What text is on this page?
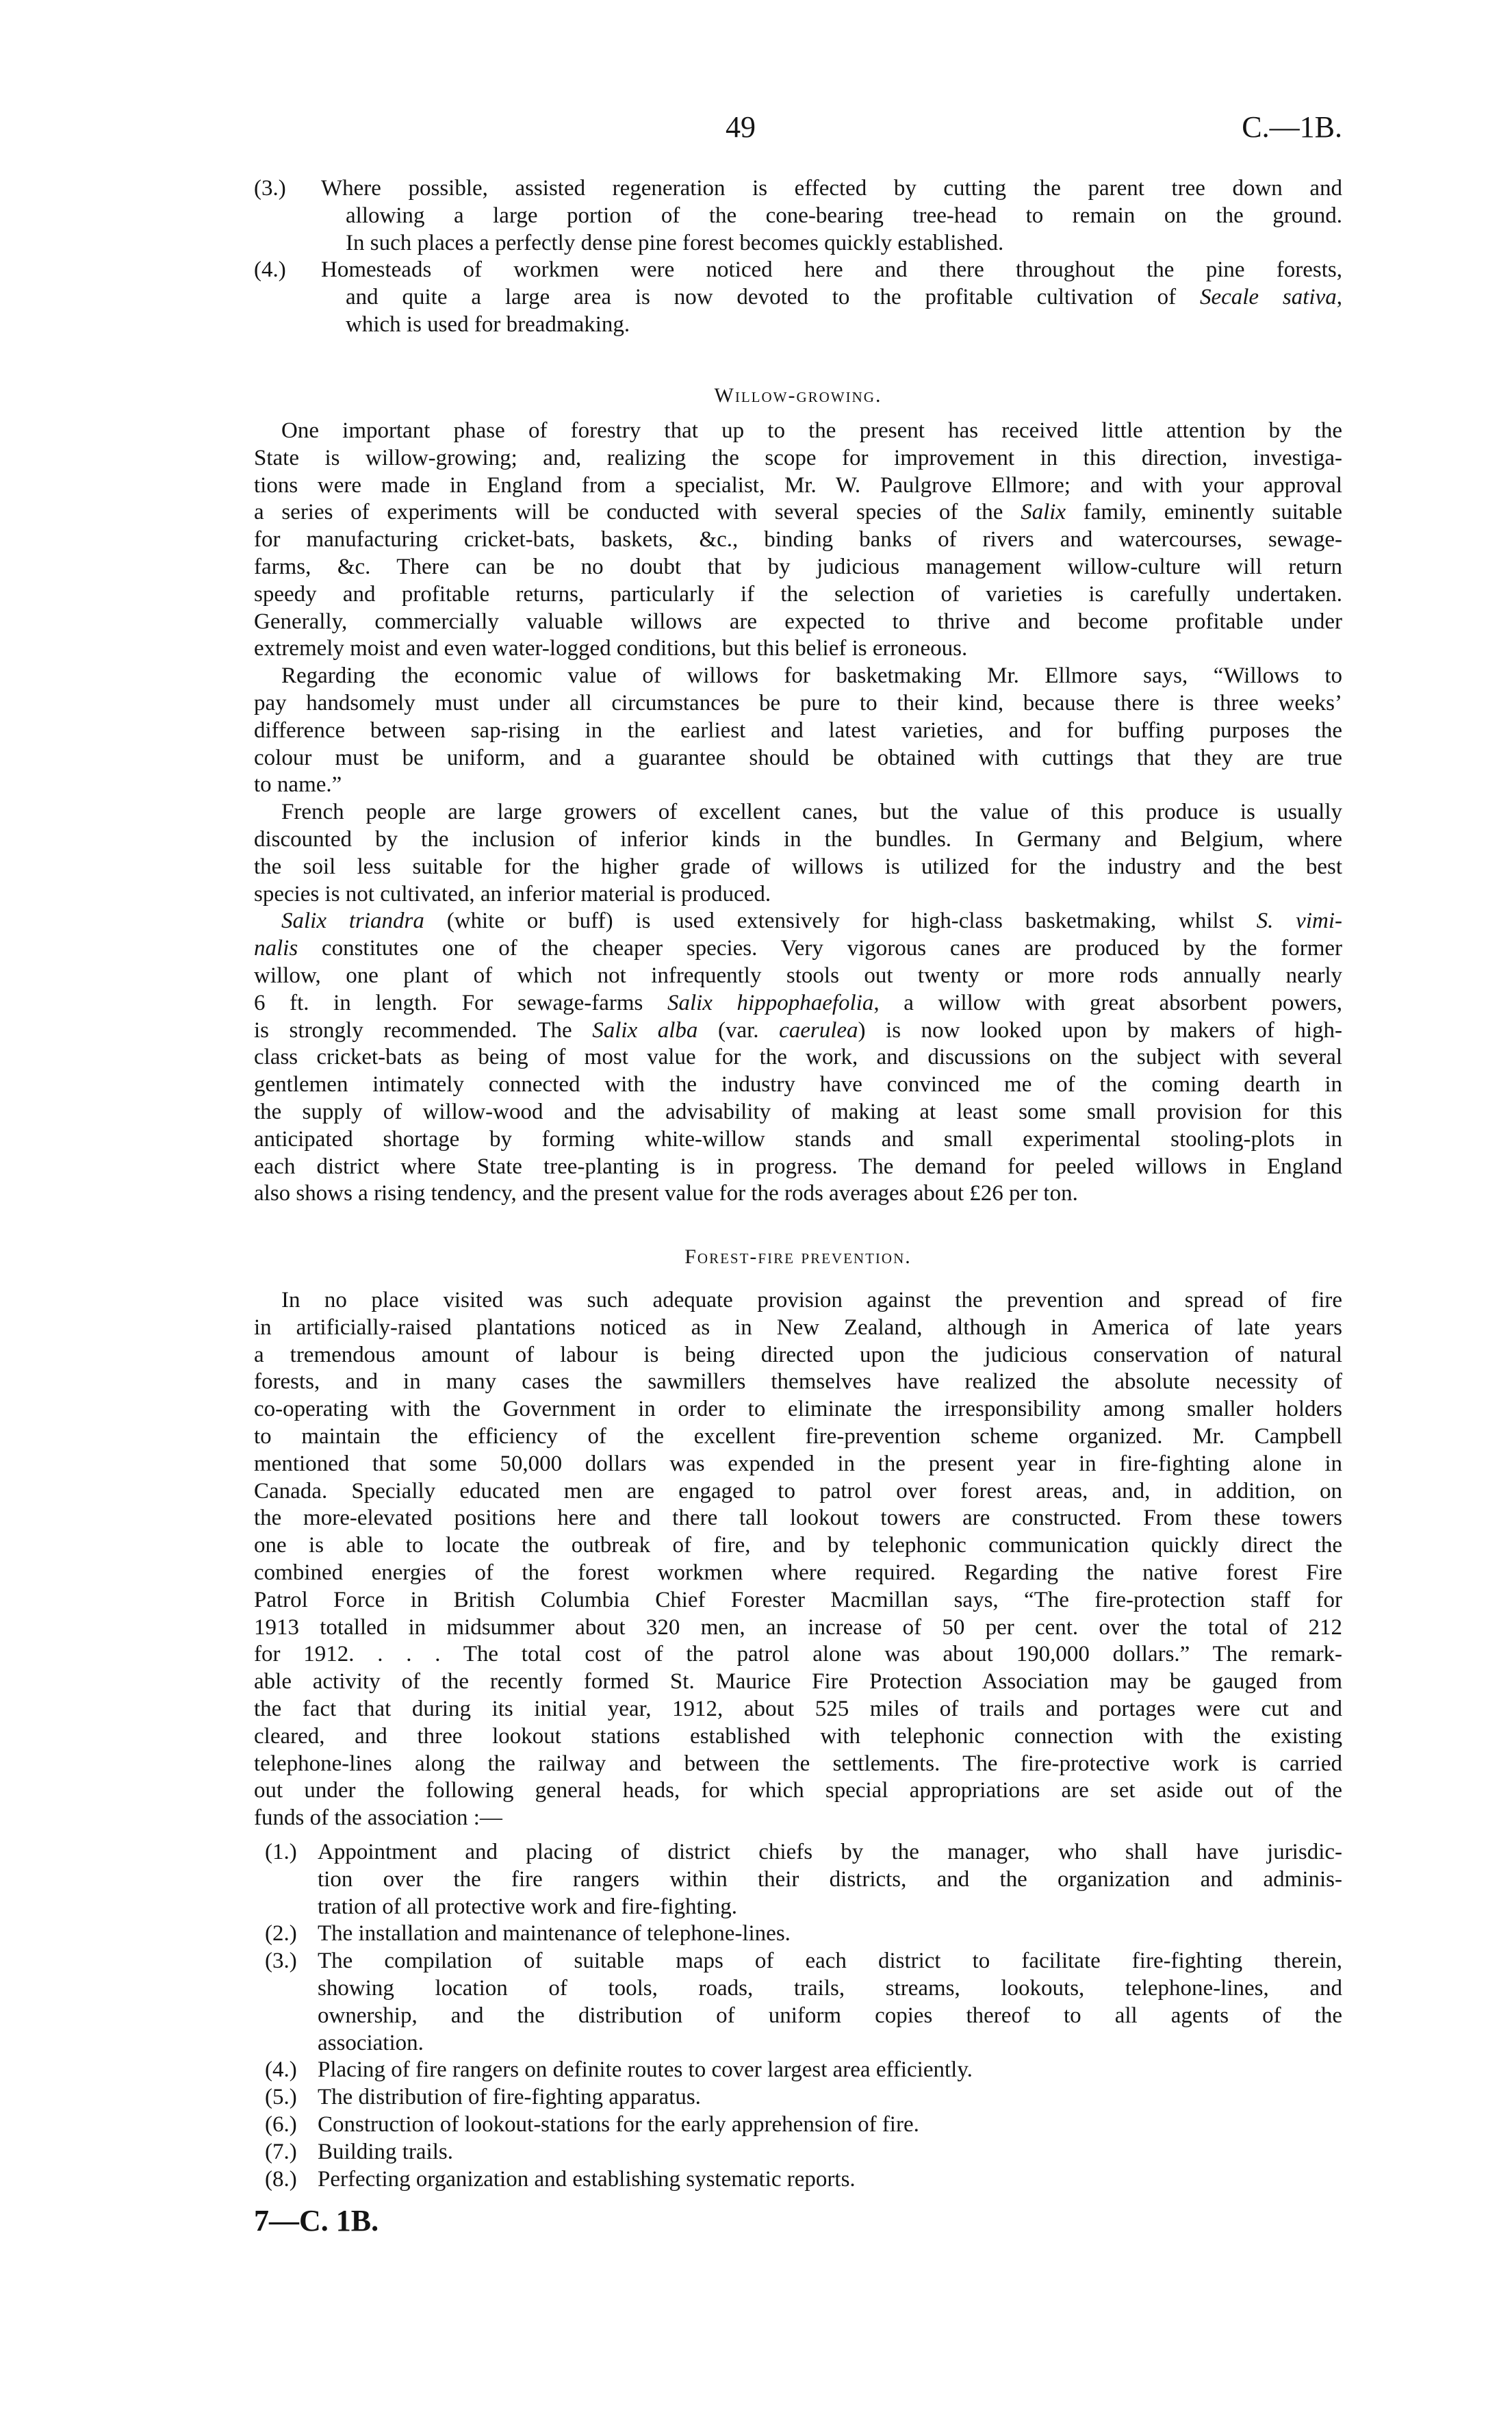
49	C.—1B.
(3.) Where possible, assisted regeneration is effected by cutting the parent tree down and
allowing a large portion of the cone-bearing tree-head to remain on the ground.
In such places a perfectly dense pine forest becomes quickly established.
(4.) Homesteads of workmen were noticed here and there throughout the pine forests,
and quite a large area is now devoted to the profitable cultivation of Secale sativa,
which is used for breadmaking.
Willow-growing.
One important phase of forestry that up to the present has received little attention by the
State is willow-growing; and, realizing the scope for improvement in this direction, investiga-
tions were made in England from a specialist, Mr. W. Paulgrove Ellmore; and with your approval
a series of experiments will be conducted with several species of the Salix family, eminently suitable
for manufacturing cricket-bats, baskets, &c., binding banks of rivers and watercourses, sewage-
farms, &c. There can be no doubt that by judicious management willow-culture will return
speedy and profitable returns, particularly if the selection of varieties is carefully undertaken.
Generally, commercially valuable willows are expected to thrive and become profitable under
extremely moist and even water-logged conditions, but this belief is erroneous.
Regarding the economic value of willows for basketmaking Mr. Ellmore says, “Willows to
pay handsomely must under all circumstances be pure to their kind, because there is three weeks’
difference between sap-rising in the earliest and latest varieties, and for buffing purposes the
colour must be uniform, and a guarantee should be obtained with cuttings that they are true
to name.”
French people are large growers of excellent canes, but the value of this produce is usually
discounted by the inclusion of inferior kinds in the bundles. In Germany and Belgium, where
the soil less suitable for the higher grade of willows is utilized for the industry and the best
species is not cultivated, an inferior material is produced.
Salix triandra (white or buff) is used extensively for high-class basketmaking, whilst S. vimi-
nalis constitutes one of the cheaper species. Very vigorous canes are produced by the former
willow, one plant of which not infrequently stools out twenty or more rods annually nearly
6 ft. in length. For sewage-farms Salix hippophaefolia, a willow with great absorbent powers,
is strongly recommended. The Salix alba (var. caerulea) is now looked upon by makers of high-
class cricket-bats as being of most value for the work, and discussions on the subject with several
gentlemen intimately connected with the industry have convinced me of the coming dearth in
the supply of willow-wood and the advisability of making at least some small provision for this
anticipated shortage by forming white-willow stands and small experimental stooling-plots in
each district where State tree-planting is in progress. The demand for peeled willows in England
also shows a rising tendency, and the present value for the rods averages about £26 per ton.
Forest-fire prevention.
In no place visited was such adequate provision against the prevention and spread of fire
in artificially-raised plantations noticed as in New Zealand, although in America of late years
a tremendous amount of labour is being directed upon the judicious conservation of natural
forests, and in many cases the sawmillers themselves have realized the absolute necessity of
co-operating with the Government in order to eliminate the irresponsibility among smaller holders
to maintain the efficiency of the excellent fire-prevention scheme organized. Mr. Campbell
mentioned that some 50,000 dollars was expended in the present year in fire-fighting alone in
Canada. Specially educated men are engaged to patrol over forest areas, and, in addition, on
the more-elevated positions here and there tall lookout towers are constructed. From these towers
one is able to locate the outbreak of fire, and by telephonic communication quickly direct the
combined energies of the forest workmen where required. Regarding the native forest Fire
Patrol Force in British Columbia Chief Forester Macmillan says, “The fire-protection staff for
1913 totalled in midsummer about 320 men, an increase of 50 per cent. over the total of 212
for 1912. . . . The total cost of the patrol alone was about 190,000 dollars.” The remark-
able activity of the recently formed St. Maurice Fire Protection Association may be gauged from
the fact that during its initial year, 1912, about 525 miles of trails and portages were cut and
cleared, and three lookout stations established with telephonic connection with the existing
telephone-lines along the railway and between the settlements. The fire-protective work is carried
out under the following general heads, for which special appropriations are set aside out of the
funds of the association :—
(1.) Appointment and placing of district chiefs by the manager, who shall have jurisdic-
tion over the fire rangers within their districts, and the organization and adminis-
tration of all protective work and fire-fighting.
(2.) The installation and maintenance of telephone-lines.
(3.) The compilation of suitable maps of each district to facilitate fire-fighting therein,
showing location of tools, roads, trails, streams, lookouts, telephone-lines, and
ownership, and the distribution of uniform copies thereof to all agents of the
association.
(4.) Placing of fire rangers on definite routes to cover largest area efficiently.
(5.) The distribution of fire-fighting apparatus.
(6.) Construction of lookout-stations for the early apprehension of fire.
(7.) Building trails.
(8.) Perfecting organization and establishing systematic reports.
7—C. 1B.
